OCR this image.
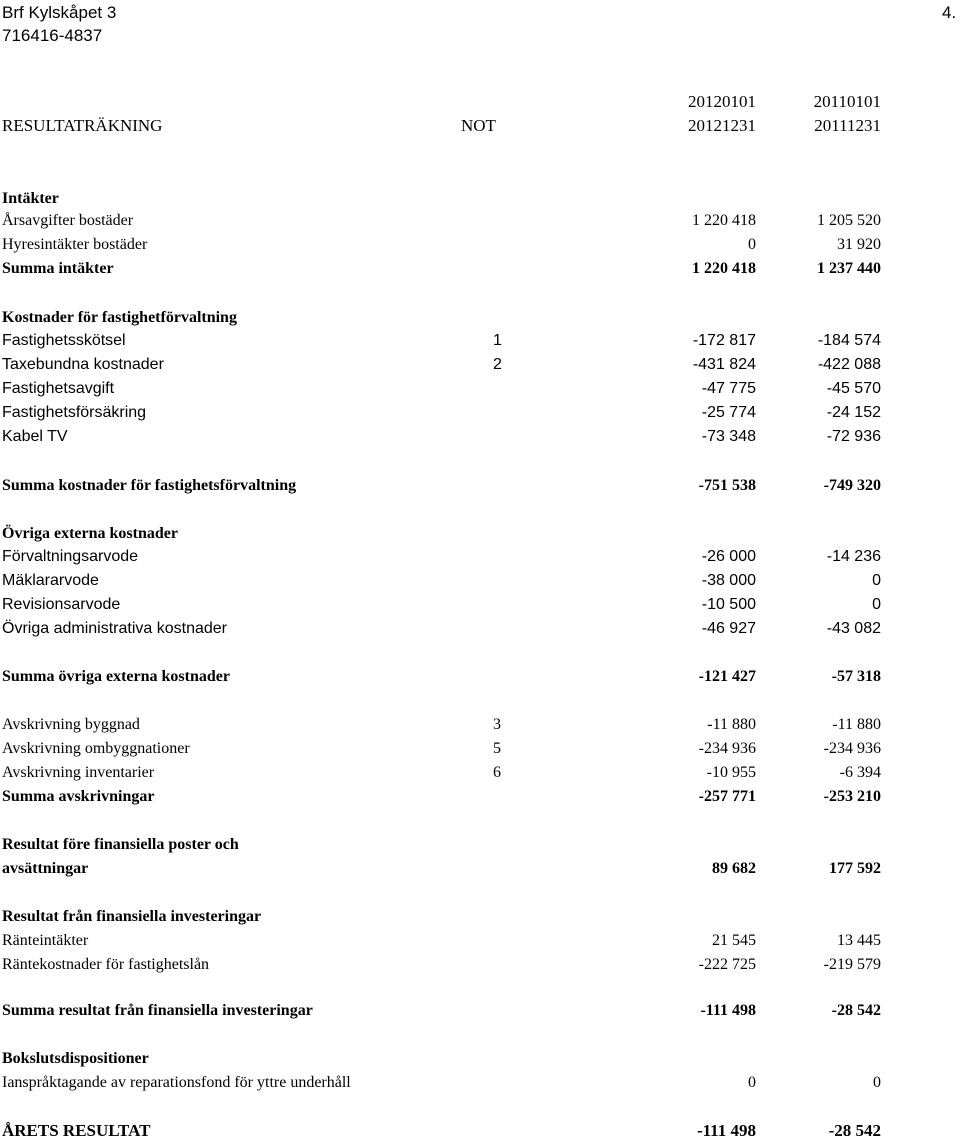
Brf Kylskåpet 3
716416-4837
4.
20120101	20110101
RESULTATRÄKNING	NOT	20121231	20111231
Intäkter
Årsavgifter bostäder	1 220 418	1 205 520
Hyresintäkter bostäder	0	31 920
Summa intäkter	1 220 418	1 237 440
Kostnader för fastighetförvaltning
Fastighetsskötsel	1	-172 817	-184 574
Taxebundna kostnader	2	-431 824	-422 088
Fastighetsavgift	-47 775	-45 570
Fastighetsförsäkring	-25 774	-24 152
Kabel TV	-73 348	-72 936
Summa kostnader för fastighetsförvaltning	-751 538	-749 320
Övriga externa kostnader
Förvaltningsarvode	-26 000	-14 236
Mäklararvode	-38 000	0
Revisionsarvode	-10 500	0
Övriga administrativa kostnader	-46 927	-43 082
Summa övriga externa kostnader	-121 427	-57 318
Avskrivning byggnad	3	-11 880	-11 880
Avskrivning ombyggnationer	5	-234 936	-234 936
Avskrivning inventarier	6	-10 955	-6 394
Summa avskrivningar	-257 771	-253 210
Resultat före finansiella poster och
avsättningar	89 682	177 592
Resultat från finansiella investeringar
Ränteintäkter	21 545	13 445
Räntekostnader för fastighetslån	-222 725	-219 579
Summa resultat från finansiella investeringar	-111 498	-28 542
Bokslutsdispositioner
Ianspråktagande av reparationsfond för yttre underhåll	0	0
ÅRETS RESULTAT	-111 498	-28 542
